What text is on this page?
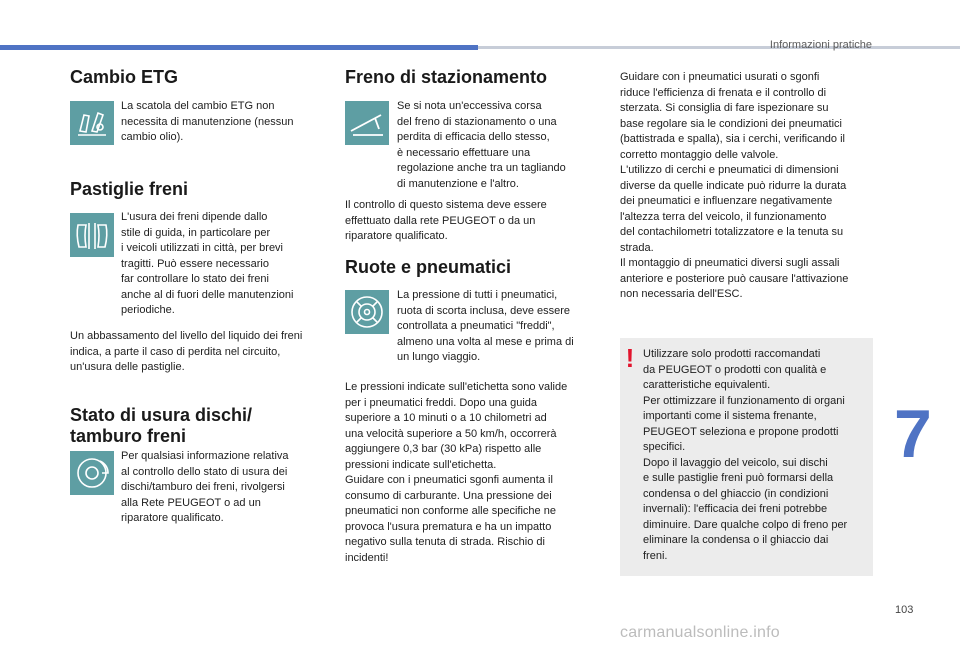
Informazioni pratiche
Cambio ETG

La scatola del cambio ETG non
necessita di manutenzione (nessun
cambio olio).

Pastiglie freni

L'usura dei freni dipende dallo
stile di guida, in particolare per
i veicoli utilizzati in città, per brevi
tragitti. Può essere necessario
far controllare lo stato dei freni
anche al di fuori delle manutenzioni
periodiche.

Un abbassamento del livello del liquido dei freni
indica, a parte il caso di perdita nel circuito,
un'usura delle pastiglie.

Stato di usura dischi/
tamburo freni

Per qualsiasi informazione relativa
al controllo dello stato di usura dei
dischi/tamburo dei freni, rivolgersi
alla Rete PEUGEOT o ad un
riparatore qualificato.

Freno di stazionamento

Se si nota un'eccessiva corsa
del freno di stazionamento o una
perdita di efficacia dello stesso,
è necessario effettuare una
regolazione anche tra un tagliando
di manutenzione e l'altro.

Il controllo di questo sistema deve essere
effettuato dalla rete PEUGEOT o da un
riparatore qualificato.

Ruote e pneumatici

La pressione di tutti i pneumatici,
ruota di scorta inclusa, deve essere
controllata a pneumatici "freddi",
almeno una volta al mese e prima di
un lungo viaggio.

Le pressioni indicate sull'etichetta sono valide
per i pneumatici freddi. Dopo una guida
superiore a 10 minuti o a 10 chilometri ad
una velocità superiore a 50 km/h, occorrerà
aggiungere 0,3 bar (30 kPa) rispetto alle
pressioni indicate sull'etichetta.
Guidare con i pneumatici sgonfi aumenta il
consumo di carburante. Una pressione dei
pneumatici non conforme alle specifiche ne
provoca l'usura prematura e ha un impatto
negativo sulla tenuta di strada. Rischio di
incidenti!

Guidare con i pneumatici usurati o sgonfi
riduce l'efficienza di frenata e il controllo di
sterzata. Si consiglia di fare ispezionare su
base regolare sia le condizioni dei pneumatici
(battistrada e spalla), sia i cerchi, verificando il
corretto montaggio delle valvole.
L'utilizzo di cerchi e pneumatici di dimensioni
diverse da quelle indicate può ridurre la durata
dei pneumatici e influenzare negativamente
l'altezza terra del veicolo, il funzionamento
del contachilometri totalizzatore e la tenuta su
strada.
Il montaggio di pneumatici diversi sugli assali
anteriore e posteriore può causare l'attivazione
non necessaria dell'ESC.

! Utilizzare solo prodotti raccomandati
da PEUGEOT o prodotti con qualità e
caratteristiche equivalenti.
Per ottimizzare il funzionamento di organi
importanti come il sistema frenante,
PEUGEOT seleziona e propone prodotti
specifici.
Dopo il lavaggio del veicolo, sui dischi
e sulle pastiglie freni può formarsi della
condensa o del ghiaccio (in condizioni
invernali): l'efficacia dei freni potrebbe
diminuire. Dare qualche colpo di freno per
eliminare la condensa o il ghiaccio dai
freni.

7
103
carmanualsonline.info
